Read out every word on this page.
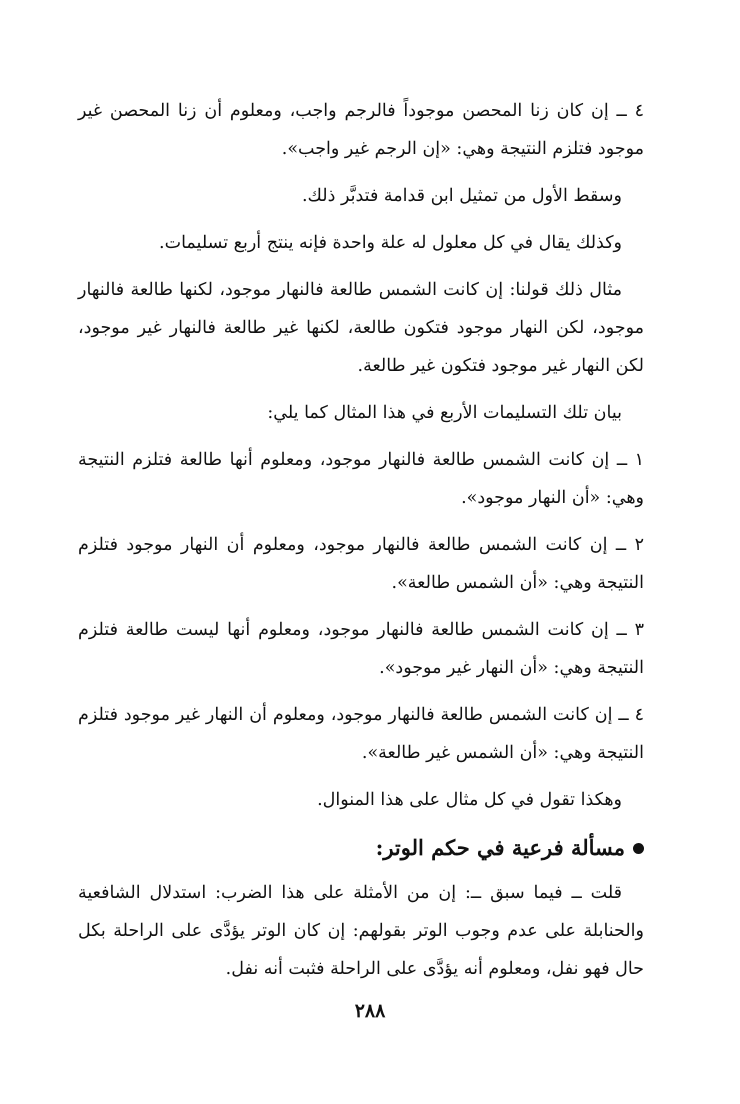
٤ ــ إن كان زنا المحصن موجوداً فالرجم واجب، ومعلوم أن زنا المحصن غير موجود فتلزم النتيجة وهي: «إن الرجم غير واجب».

وسقط الأول من تمثيل ابن قدامة فتدبَّر ذلك.

وكذلك يقال في كل معلول له علة واحدة فإنه ينتج أربع تسليمات.

مثال ذلك قولنا: إن كانت الشمس طالعة فالنهار موجود، لكنها طالعة فالنهار موجود، لكن النهار موجود فتكون طالعة، لكنها غير طالعة فالنهار غير موجود، لكن النهار غير موجود فتكون غير طالعة.

بيان تلك التسليمات الأربع في هذا المثال كما يلي:

١ ــ إن كانت الشمس طالعة فالنهار موجود، ومعلوم أنها طالعة فتلزم النتيجة وهي: «أن النهار موجود».

٢ ــ إن كانت الشمس طالعة فالنهار موجود، ومعلوم أن النهار موجود فتلزم النتيجة وهي: «أن الشمس طالعة».

٣ ــ إن كانت الشمس طالعة فالنهار موجود، ومعلوم أنها ليست طالعة فتلزم النتيجة وهي: «أن النهار غير موجود».

٤ ــ إن كانت الشمس طالعة فالنهار موجود، ومعلوم أن النهار غير موجود فتلزم النتيجة وهي: «أن الشمس غير طالعة».

وهكذا تقول في كل مثال على هذا المنوال.

مسألة فرعية في حكم الوتر:

قلت ــ فيما سبق ــ: إن من الأمثلة على هذا الضرب: استدلال الشافعية والحنابلة على عدم وجوب الوتر بقولهم: إن كان الوتر يؤدَّى على الراحلة بكل حال فهو نفل، ومعلوم أنه يؤدَّى على الراحلة فثبت أنه نفل.

٢٨٨
